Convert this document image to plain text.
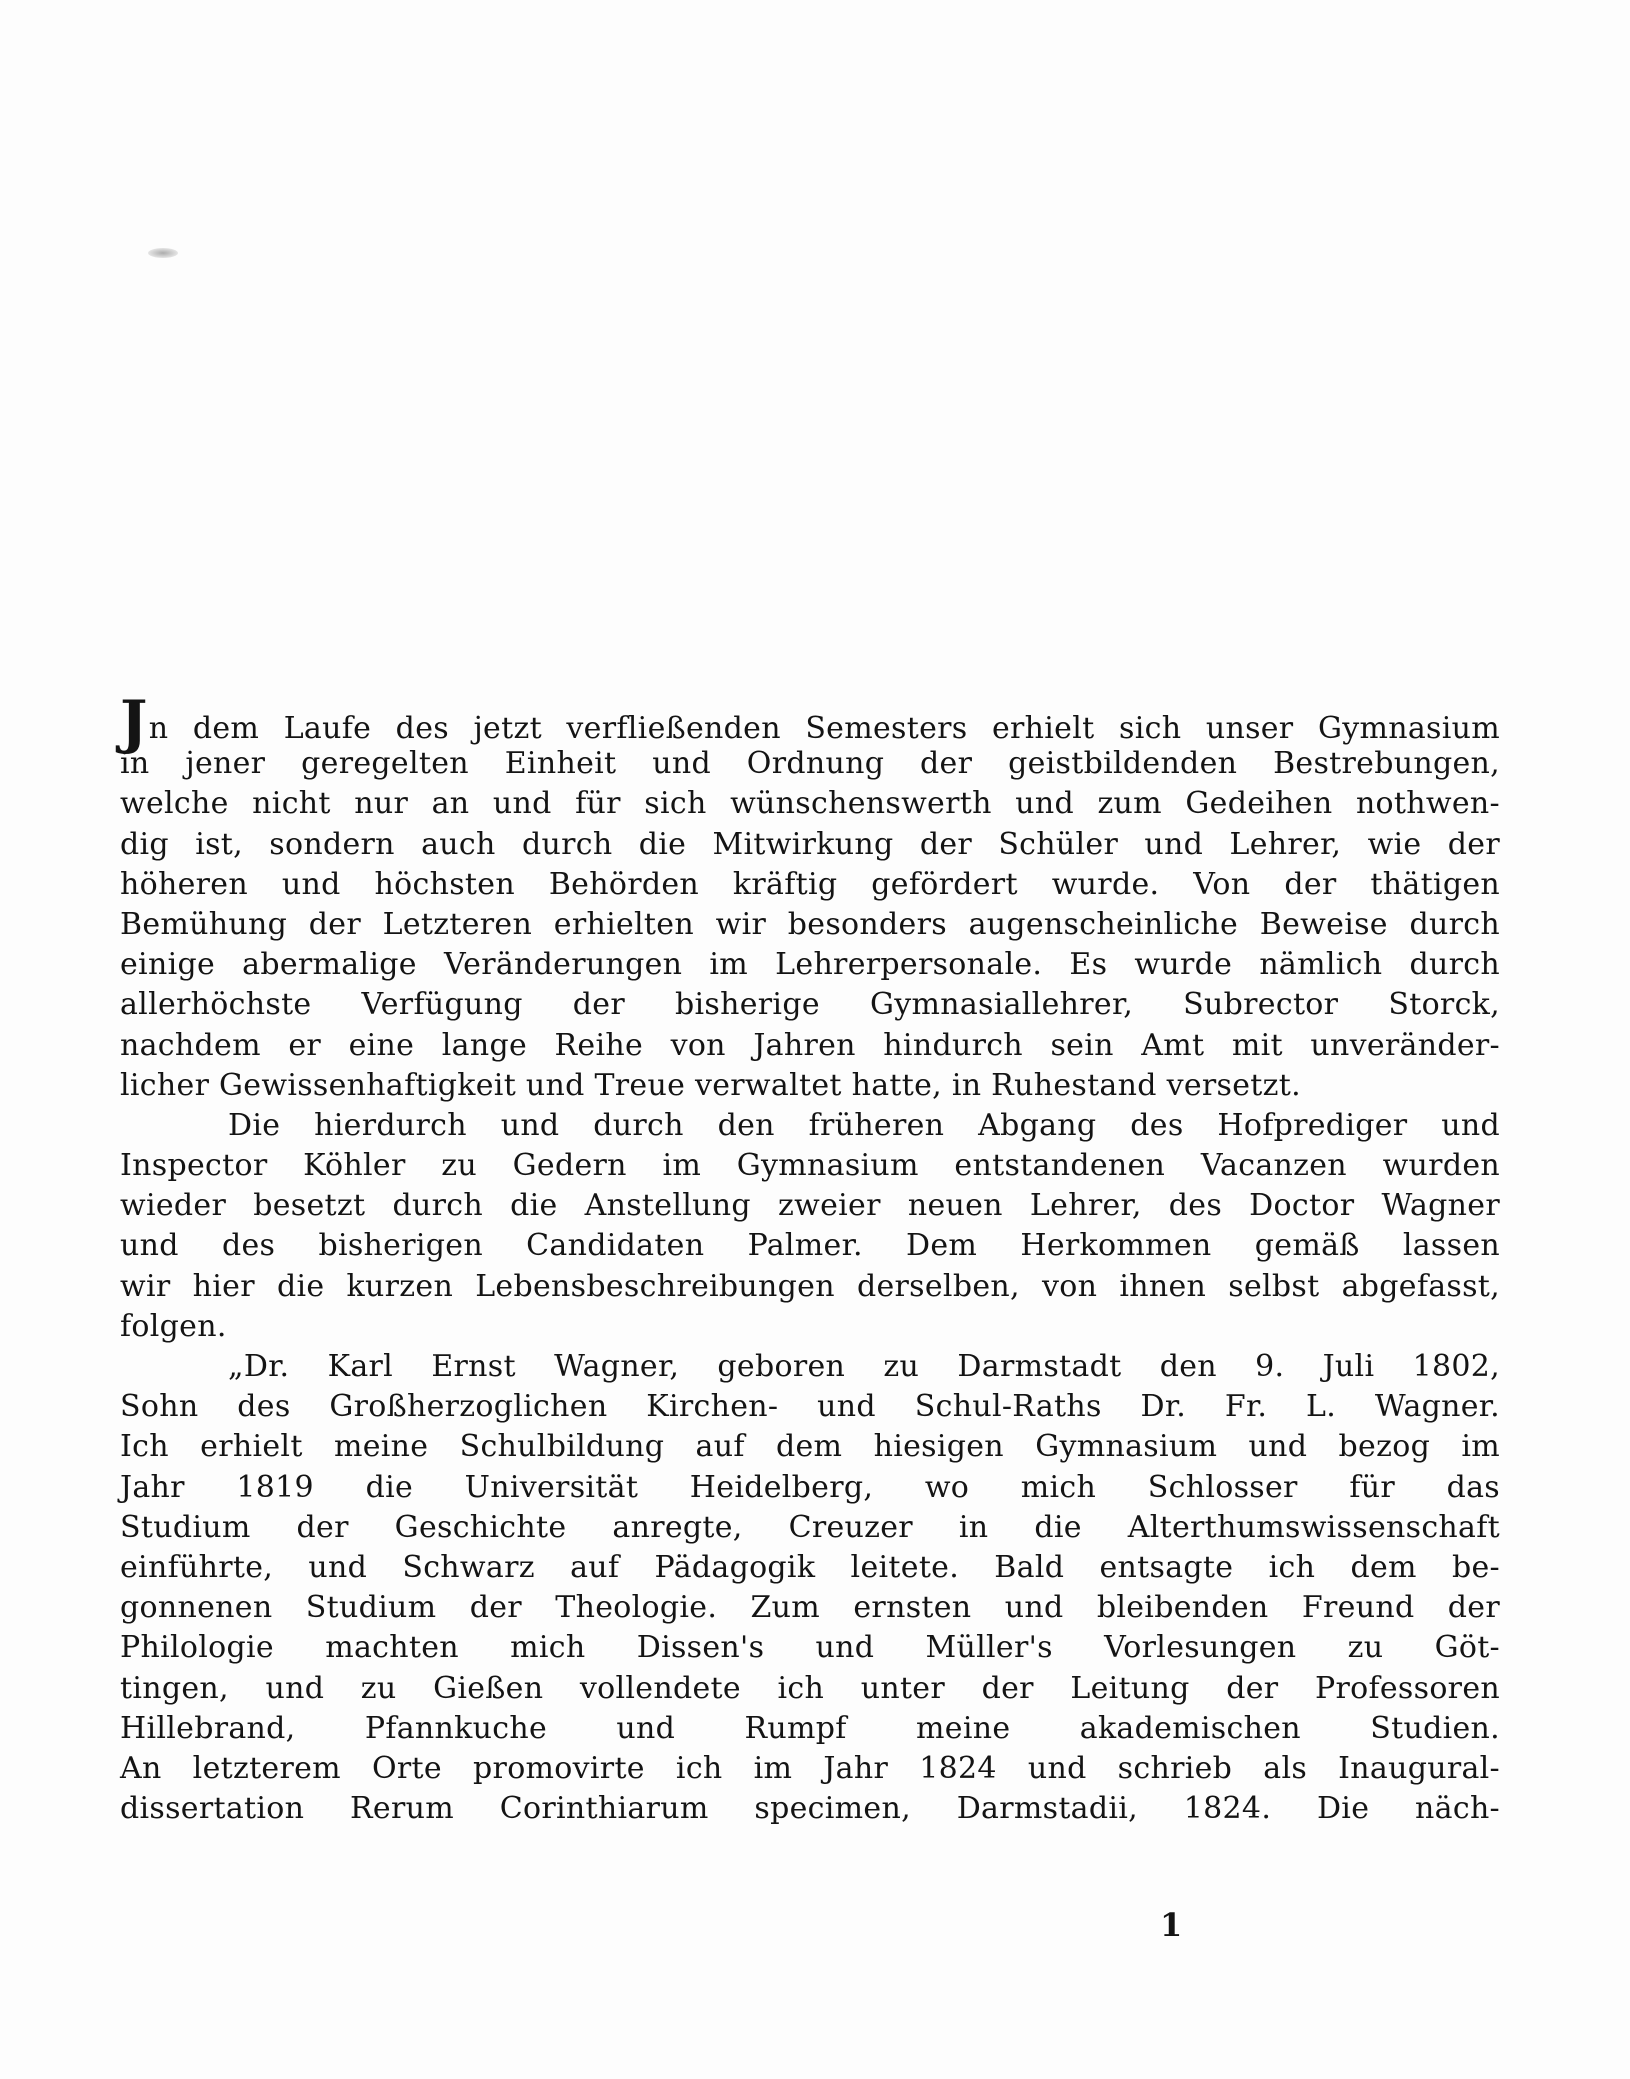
Jn dem Laufe des jetzt verfließenden Semesters erhielt sich unser Gymnasium
in jener geregelten Einheit und Ordnung der geistbildenden Bestrebungen,
welche nicht nur an und für sich wünschenswerth und zum Gedeihen nothwen-
dig ist, sondern auch durch die Mitwirkung der Schüler und Lehrer, wie der
höheren und höchsten Behörden kräftig gefördert wurde. Von der thätigen
Bemühung der Letzteren erhielten wir besonders augenscheinliche Beweise durch
einige abermalige Veränderungen im Lehrerpersonale. Es wurde nämlich durch
allerhöchste Verfügung der bisherige Gymnasiallehrer, Subrector Storck,
nachdem er eine lange Reihe von Jahren hindurch sein Amt mit unveränder-
licher Gewissenhaftigkeit und Treue verwaltet hatte, in Ruhestand versetzt.
Die hierdurch und durch den früheren Abgang des Hofprediger und
Inspector Köhler zu Gedern im Gymnasium entstandenen Vacanzen wurden
wieder besetzt durch die Anstellung zweier neuen Lehrer, des Doctor Wagner
und des bisherigen Candidaten Palmer. Dem Herkommen gemäß lassen
wir hier die kurzen Lebensbeschreibungen derselben, von ihnen selbst abgefasst,
folgen.
„Dr. Karl Ernst Wagner, geboren zu Darmstadt den 9. Juli 1802,
Sohn des Großherzoglichen Kirchen- und Schul-Raths Dr. Fr. L. Wagner.
Ich erhielt meine Schulbildung auf dem hiesigen Gymnasium und bezog im
Jahr 1819 die Universität Heidelberg, wo mich Schlosser für das
Studium der Geschichte anregte, Creuzer in die Alterthumswissenschaft
einführte, und Schwarz auf Pädagogik leitete. Bald entsagte ich dem be-
gonnenen Studium der Theologie. Zum ernsten und bleibenden Freund der
Philologie machten mich Dissen's und Müller's Vorlesungen zu Göt-
tingen, und zu Gießen vollendete ich unter der Leitung der Professoren
Hillebrand, Pfannkuche und Rumpf meine akademischen Studien.
An letzterem Orte promovirte ich im Jahr 1824 und schrieb als Inaugural-
dissertation Rerum Corinthiarum specimen, Darmstadii, 1824. Die näch-
1
